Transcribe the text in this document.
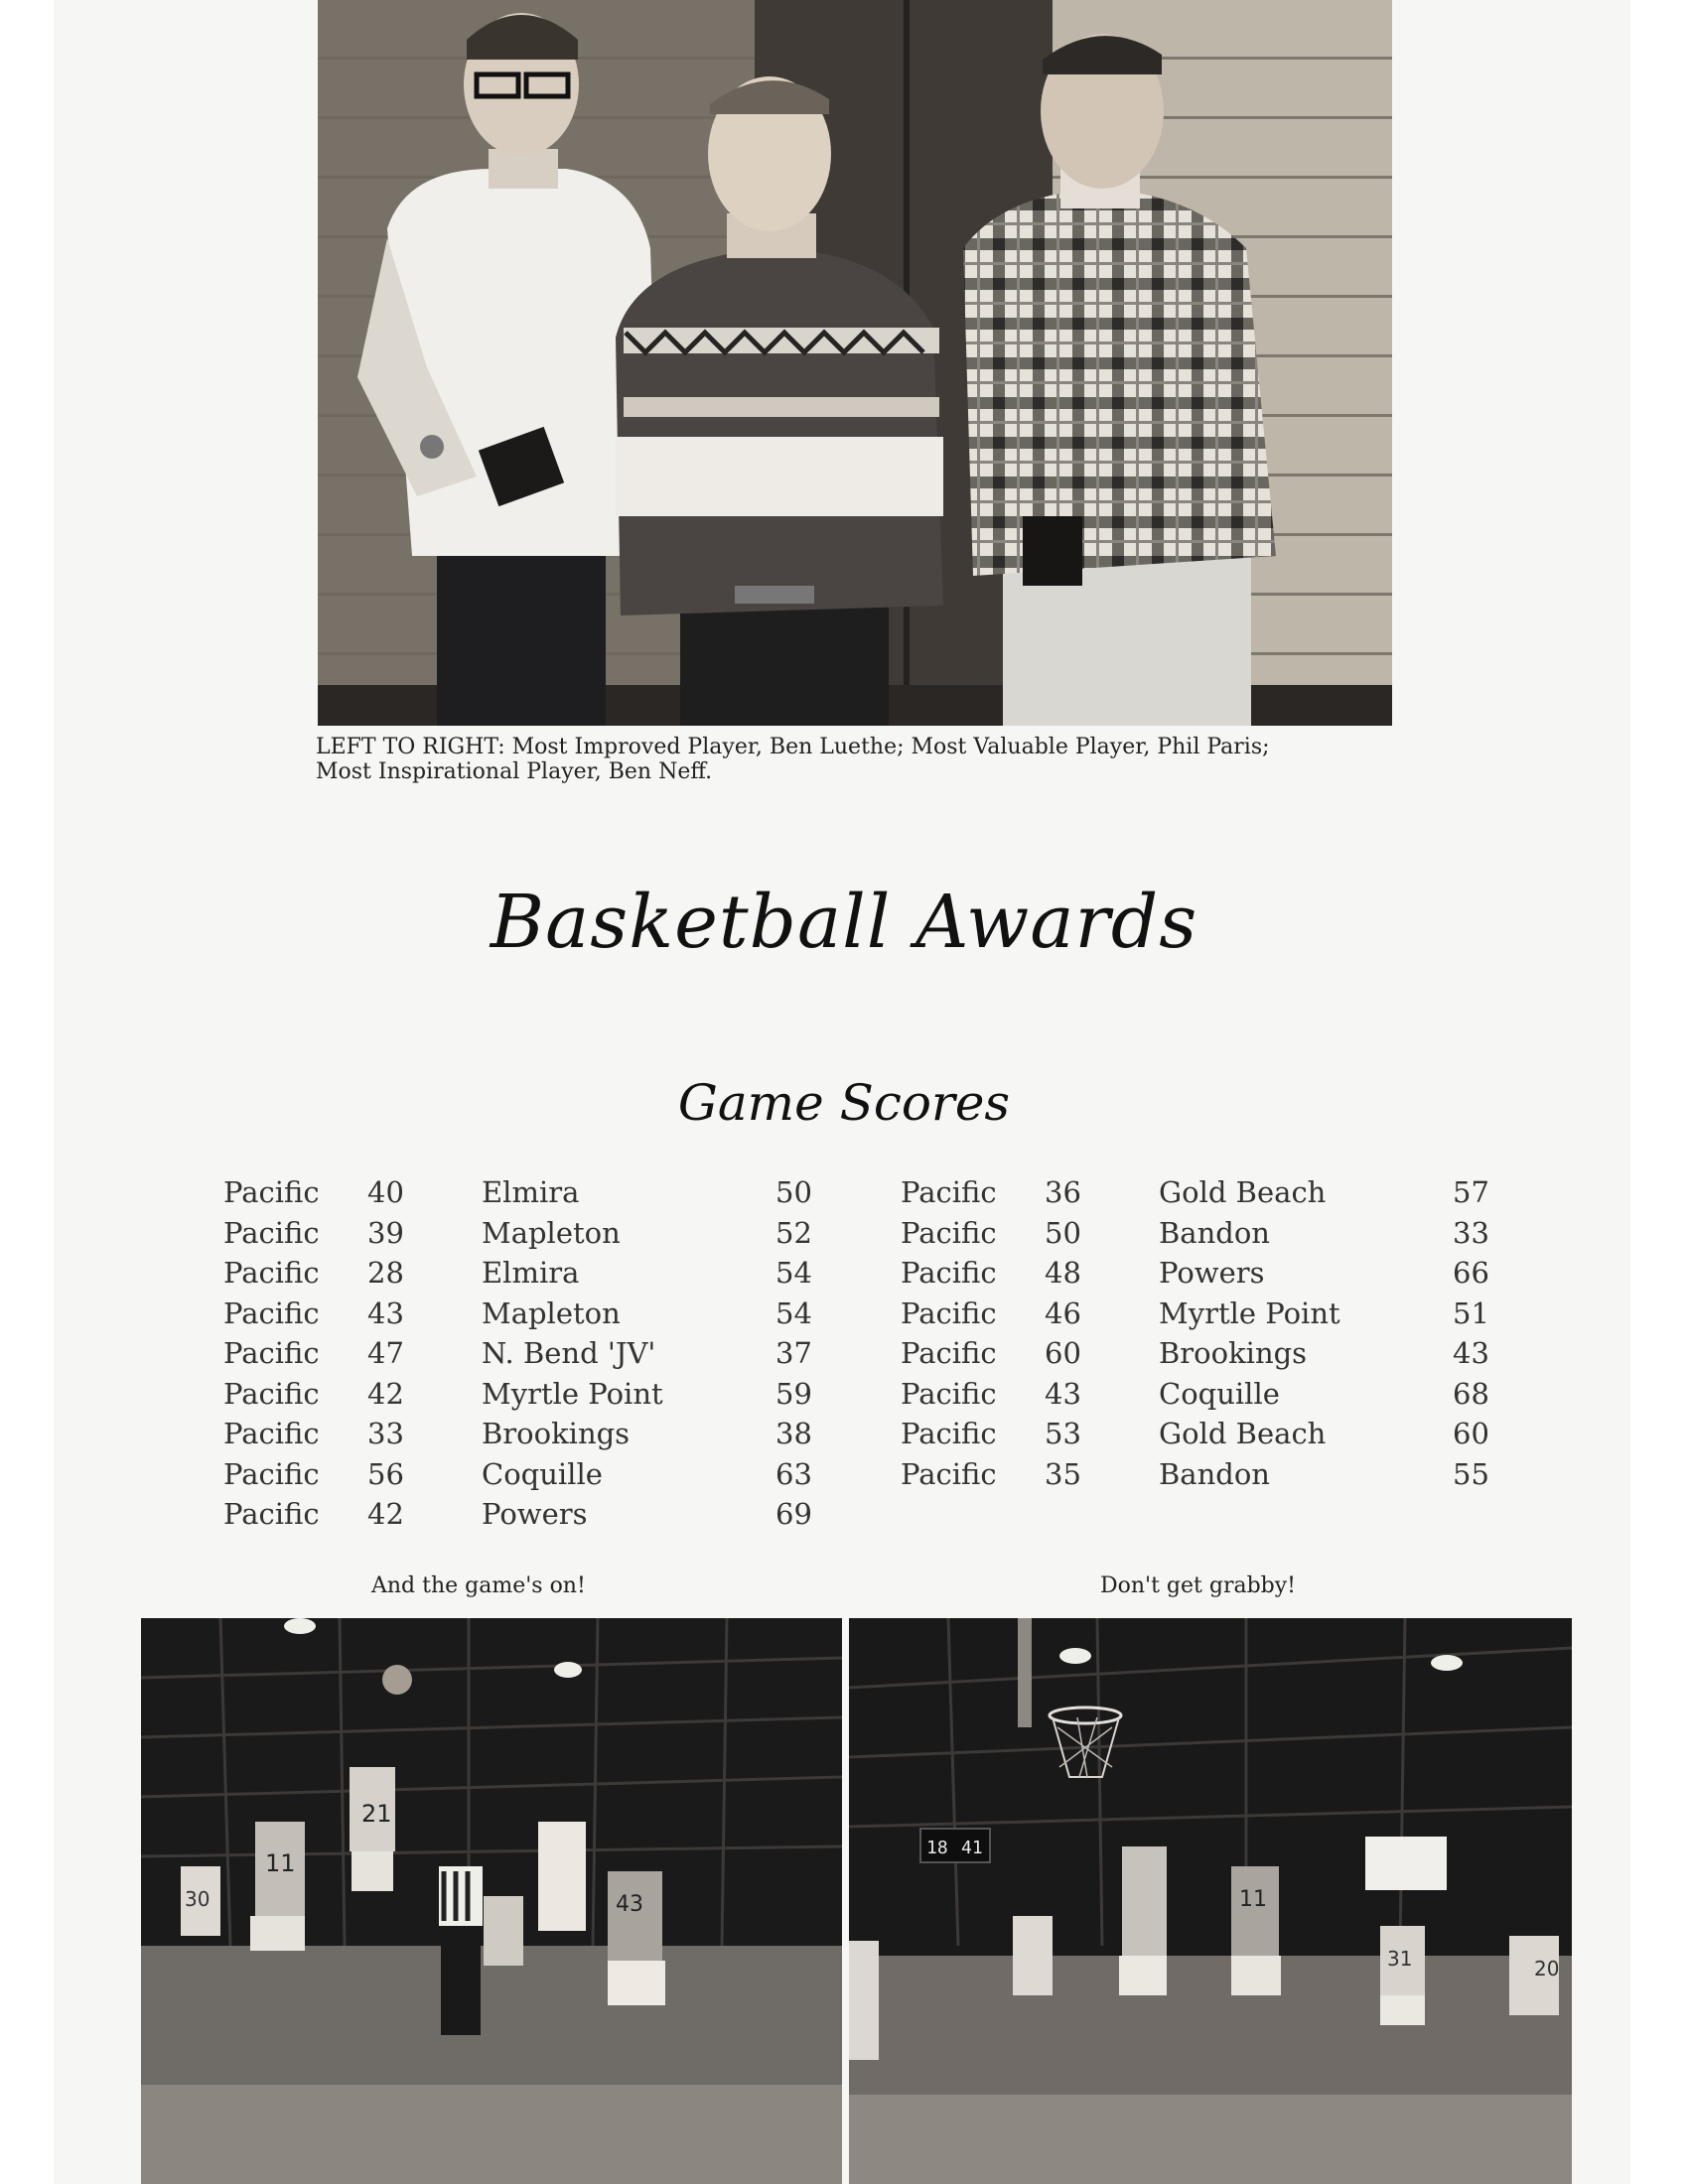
LEFT TO RIGHT: Most Improved Player, Ben Luethe; Most Valuable Player, Phil Paris;
Most Inspirational Player, Ben Neff.
Basketball Awards
Game Scores
Pacific 40	Elmira	50
Pacific 39	Mapleton	52
Pacific 28	Elmira	54
Pacific 43	Mapleton	54
Pacific 47	N. Bend 'JV'	37
Pacific 42	Myrtle Point	59
Pacific 33	Brookings	38
Pacific 56	Coquille	63
Pacific 42	Powers	69
Pacific 36	Gold Beach	57
Pacific 50	Bandon	33
Pacific 48	Powers	66
Pacific 46	Myrtle Point	51
Pacific 60	Brookings	43
Pacific 43	Coquille	68
Pacific 53	Gold Beach	60
Pacific 35	Bandon	55
And the game's on!	Don't get grabby!
21
11
30	43
18 41
11
31	20
